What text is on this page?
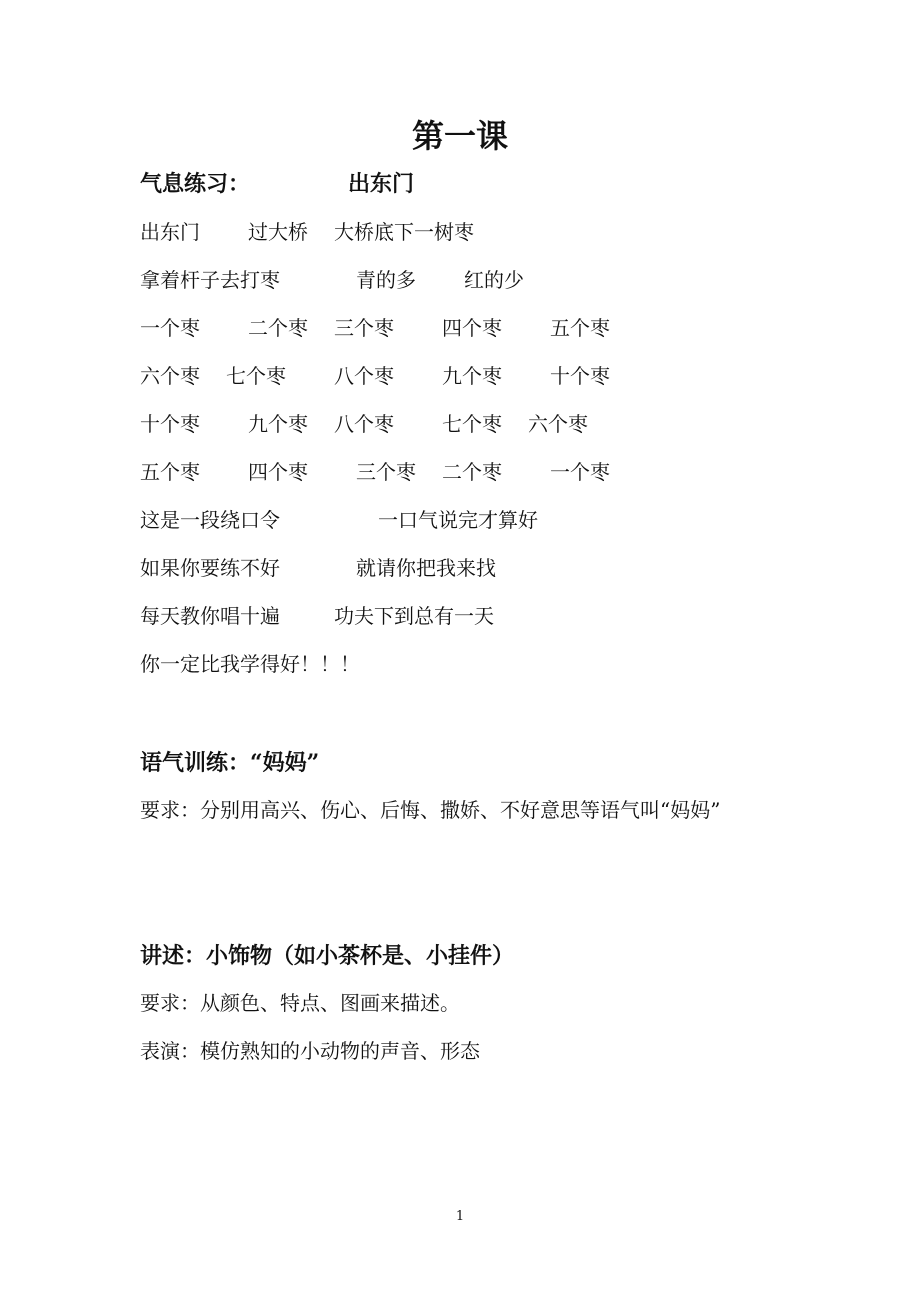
第一课
气息练习：	出东门
出东门 过大桥 大桥底下一树枣
拿着杆子去打枣	青的多 红的少
一个枣 二个枣 三个枣 四个枣 五个枣
六个枣 七个枣 八个枣 九个枣 十个枣
十个枣 九个枣 八个枣 七个枣 六个枣
五个枣 四个枣 三个枣 二个枣 一个枣
这是一段绕口令	一口气说完才算好
如果你要练不好	就请你把我来找
每天教你唱十遍	功夫下到总有一天
你一定比我学得好！！！
语气训练：“妈妈”
要求：分别用高兴、伤心、后悔、撒娇、不好意思等语气叫“妈妈”
讲述：小饰物（如小茶杯是、小挂件）
要求：从颜色、特点、图画来描述。
表演：模仿熟知的小动物的声音、形态
1
